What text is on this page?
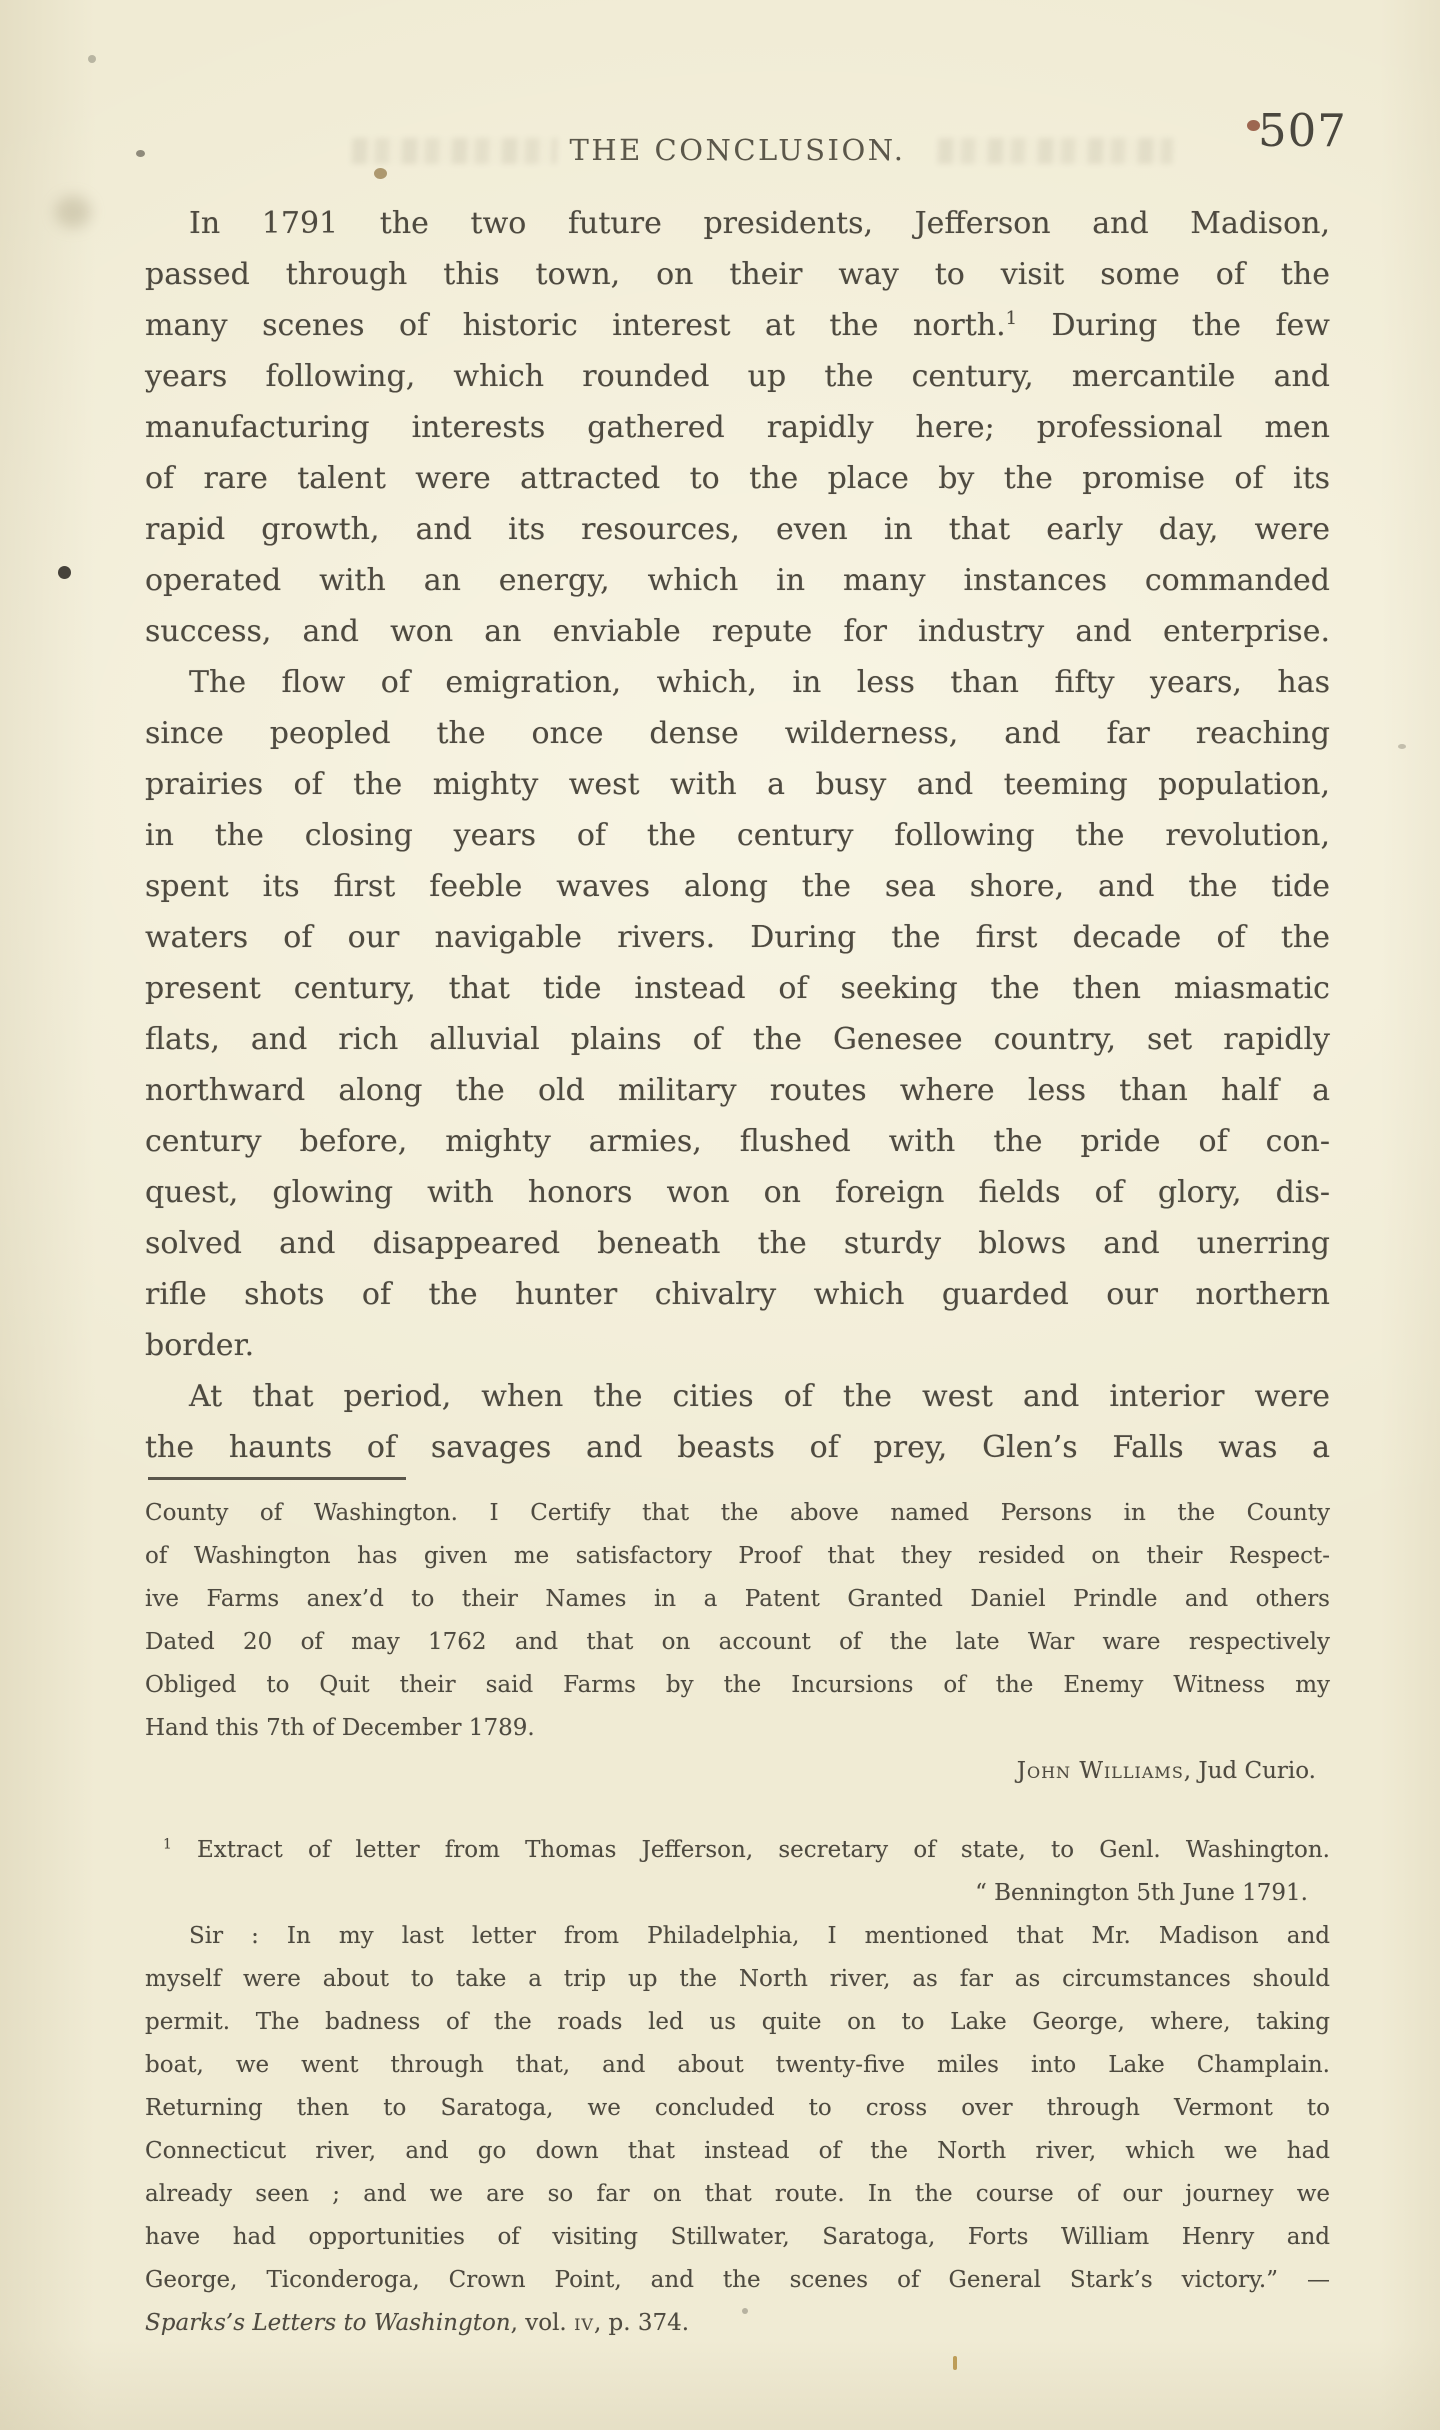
THE CONCLUSION.	507
In 1791 the two future presidents, Jefferson and Madison,
passed through this town, on their way to visit some of the
many scenes of historic interest at the north.$^1$ During the few
years following, which rounded up the century, mercantile and
manufacturing interests gathered rapidly here; professional men
of rare talent were attracted to the place by the promise of its
rapid growth, and its resources, even in that early day, were
operated with an energy, which in many instances commanded
success, and won an enviable repute for industry and enterprise.
The flow of emigration, which, in less than fifty years, has
since peopled the once dense wilderness, and far reaching
prairies of the mighty west with a busy and teeming population,
in the closing years of the century following the revolution,
spent its first feeble waves along the sea shore, and the tide
waters of our navigable rivers. During the first decade of the
present century, that tide instead of seeking the then miasmatic
flats, and rich alluvial plains of the Genesee country, set rapidly
northward along the old military routes where less than half a
century before, mighty armies, flushed with the pride of con-
quest, glowing with honors won on foreign fields of glory, dis-
solved and disappeared beneath the sturdy blows and unerring
rifle shots of the hunter chivalry which guarded our northern
border.
At that period, when the cities of the west and interior were
the haunts of savages and beasts of prey, Glen’s Falls was a
County of Washington. I Certify that the above named Persons in the County
of Washington has given me satisfactory Proof that they resided on their Respect-
ive Farms anex’d to their Names in a Patent Granted Daniel Prindle and others
Dated 20 of may 1762 and that on account of the late War ware respectively
Obliged to Quit their said Farms by the Incursions of the Enemy Witness my
Hand this 7th of December 1789.
John Williams, Jud Curio.
$^1$ Extract of letter from Thomas Jefferson, secretary of state, to Genl. Washington.
“ Bennington 5th June 1791.
Sir : In my last letter from Philadelphia, I mentioned that Mr. Madison and
myself were about to take a trip up the North river, as far as circumstances should
permit. The badness of the roads led us quite on to Lake George, where, taking
boat, we went through that, and about twenty-five miles into Lake Champlain.
Returning then to Saratoga, we concluded to cross over through Vermont to
Connecticut river, and go down that instead of the North river, which we had
already seen ; and we are so far on that route. In the course of our journey we
have had opportunities of visiting Stillwater, Saratoga, Forts William Henry and
George, Ticonderoga, Crown Point, and the scenes of General Stark’s victory.” —
Sparks’s Letters to Washington, vol. iv, p. 374.
